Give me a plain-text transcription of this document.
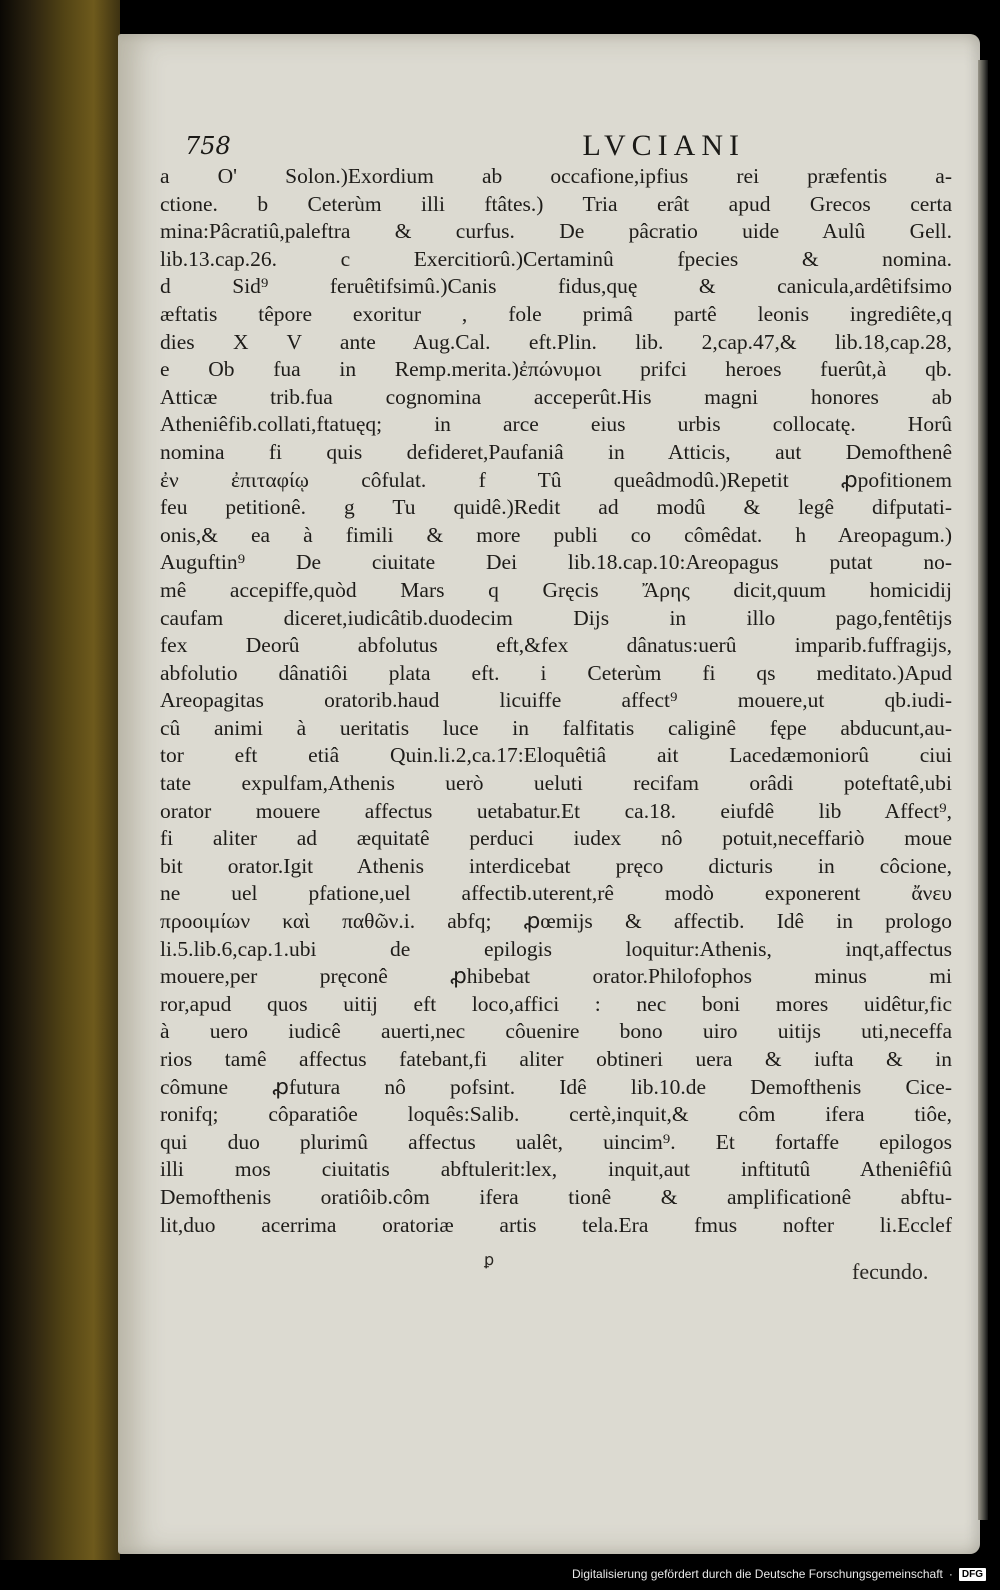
758	LVCIANI
a O' Solon.)Exordium ab occafione,ipfius rei præfentis a-
ctione. b Ceterùm illi ftâtes.) Tria erât apud Grecos certa
mina:Pâcratiû,paleftra & curfus. De pâcratio uide Aulû Gell.
lib.13.cap.26. c Exercitiorû.)Certaminû fpecies & nomina.
d Sid⁹ feruêtifsimû.)Canis fidus,quę & canicula,ardêtifsimo
æftatis têpore exoritur , fole primâ partê leonis ingrediête,q
dies X V ante Aug.Cal. eft.Plin. lib. 2,cap.47,& lib.18,cap.28,
e Ob fua in Remp.merita.)ἐπώνυμοι prifci heroes fuerût,à qb.
Atticæ trib.fua cognomina acceperût.His magni honores ab
Atheniêfib.collati,ftatuęq; in arce eius urbis collocatę. Horû
nomina fi quis defideret,Paufaniâ in Atticis, aut Demofthenê
ἐν ἐπιταφίῳ côfulat. f Tû queâdmodû.)Repetit ꝓpofitionem
feu petitionê. g Tu quidê.)Redit ad modû & legê difputati-
onis,& ea à fimili & more publi co cômêdat. h Areopagum.)
Auguftin⁹ De ciuitate Dei lib.18.cap.10:Areopagus putat no-
mê accepiffe,quòd Mars q Gręcis Ἄρης dicit,quum homicidij
caufam diceret,iudicâtib.duodecim Dijs in illo pago,fentêtijs
fex Deorû abfolutus eft,&fex dânatus:uerû imparib.fuffragijs,
abfolutio dânatiôi plata eft. i Ceterùm fi qs meditato.)Apud
Areopagitas oratorib.haud licuiffe affect⁹ mouere,ut qb.iudi-
cû animi à ueritatis luce in falfitatis caliginê fępe abducunt,au-
tor eft etiâ Quin.li.2,ca.17:Eloquêtiâ ait Lacedæmoniorû ciui
tate expulfam,Athenis uerò ueluti recifam orâdi poteftatê,ubi
orator mouere affectus uetabatur.Et ca.18. eiufdê lib Affect⁹,
fi aliter ad æquitatê perduci iudex nô potuit,neceffariò moue
bit orator.Igit Athenis interdicebat pręco dicturis in côcione,
ne uel pfatione,uel affectib.uterent,rê modò exponerent ἄνευ
προοιμίων καὶ παθῶν.i. abfq; ꝓœmijs & affectib. Idê in prologo
li.5.lib.6,cap.1.ubi de epilogis loquitur:Athenis, inqt,affectus
mouere,per pręconê ꝓhibebat orator.Philofophos minus mi
ror,apud quos uitij eft loco,affici : nec boni mores uidêtur,fic
à uero iudicê auerti,nec côuenire bono uiro uitijs uti,neceffa
rios tamê affectus fatebant,fi aliter obtineri uera & iufta & in
cômune ꝓfutura nô pofsint. Idê lib.10.de Demofthenis Cice-
ronifq; côparatiôe loquês:Salib. certè,inquit,& côm ifera tiôe,
qui duo plurimû affectus ualêt, uincim⁹. Et fortaffe epilogos
illi mos ciuitatis abftulerit:lex, inquit,aut inftitutû Atheniêfiû
Demofthenis oratiôib.côm ifera tionê & amplificationê abftu-
lit,duo acerrima oratoriæ artis tela.Era fmus nofter li.Ecclef
ꝑ	fecundo.
Digitalisierung gefördert durch die Deutsche Forschungsgemeinschaft · DFG
